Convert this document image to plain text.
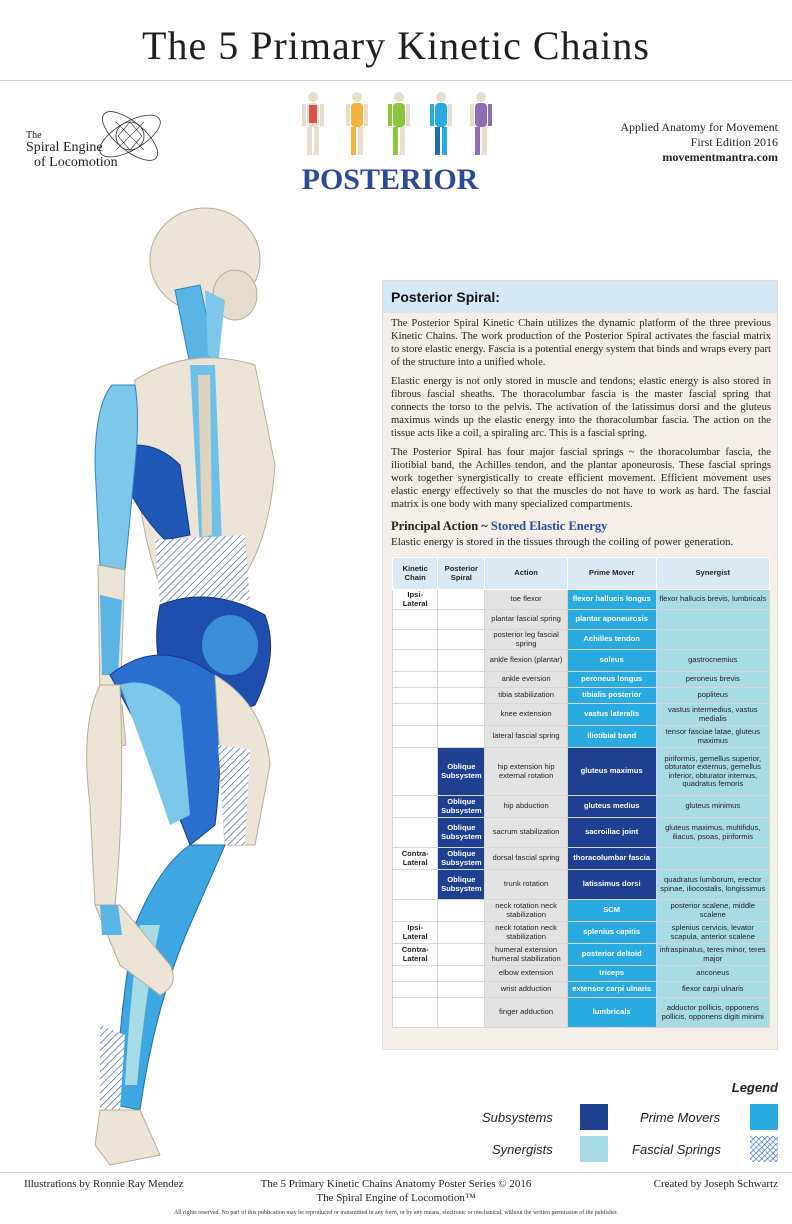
The 5 Primary Kinetic Chains
The
Spiral Engine
of Locomotion
Applied Anatomy for Movement
First Edition 2016
movementmantra.com
POSTERIOR
Posterior Spiral:

The Posterior Spiral Kinetic Chain utilizes the dynamic platform of the three previous Kinetic Chains. The work production of the Posterior Spiral activates the fascial matrix to store elastic energy. Fascia is a potential energy system that binds and wraps every part of the structure into a unified whole.

Elastic energy is not only stored in muscle and tendons; elastic energy is also stored in fibrous fascial sheaths. The thoracolumbar fascia is the master fascial spring that connects the torso to the pelvis. The activation of the latissimus dorsi and the gluteus maximus winds up the elastic energy into the thoracolumbar fascia. The action on the tissue acts like a coil, a spiraling arc. This is a fascial spring.

The Posterior Spiral has four major fascial springs ~ the thoracolumbar fascia, the iliotibial band, the Achilles tendon, and the plantar aponeurosis. These fascial springs work together synergistically to create efficient movement. Efficient movement uses elastic energy effectively so that the muscles do not have to work as hard. The fascial matrix is one body with many specialized compartments.

Principal Action ~ Stored Elastic Energy
Elastic energy is stored in the tissues through the coiling of power generation.
Kinetic Chain	Posterior Spiral	Action	Prime Mover	Synergist
Ipsi-Lateral		toe flexor	flexor hallucis longus	flexor hallucis brevis, lumbricals
		plantar fascial spring	plantar aponeurosis	
		posterior leg fascial spring	Achilles tendon	
		ankle flexion (plantar)	soleus	gastrocnemius
		ankle eversion	peroneus longus	peroneus brevis
		tibia stabilization	tibialis posterior	popliteus
		knee extension	vastus lateralis	vastus intermedius, vastus medialis
		lateral fascial spring	iliotibial band	tensor fasciae latae, gluteus maximus
	Oblique Subsystem	hip extension hip external rotation	gluteus maximus	piriformis, gemellus superior, obturator externus, gemellus inferior, obturator internus, quadratus femoris
	Oblique Subsystem	hip abduction	gluteus medius	gluteus minimus
	Oblique Subsystem	sacrum stabilization	sacroiliac joint	gluteus maximus, multifidus, iliacus, psoas, piriformis
Contra-Lateral	Oblique Subsystem	dorsal fascial spring	thoracolumbar fascia	
	Oblique Subsystem	trunk rotation	latissimus dorsi	quadratus lumborum, erector spinae, iliocostalis, longissimus
		neck rotation neck stabilization	SCM	posterior scalene, middle scalene
Ipsi-Lateral		neck rotation neck stabilization	splenius capitis	splenius cervicis, levator scapula, anterior scalene
Contra-Lateral		humeral extension humeral stabilization	posterior deltoid	infraspinatus, teres minor, teres major
		elbow extension	triceps	anconeus
		wrist adduction	extensor carpi ulnaris	flexor carpi ulnaris
		finger adduction	lumbricals	adductor pollicis, opponens pollicis, opponens digiti minimi
Legend
Subsystems	Prime Movers
Synergists	Fascial Springs
Illustrations by Ronnie Ray Mendez	The 5 Primary Kinetic Chains Anatomy Poster Series © 2016
The Spiral Engine of Locomotion™
Created by Joseph Schwartz
All rights reserved. No part of this publication may be reproduced or transmitted in any form, or by any means, electronic or mechanical, without the written permission of the publisher.
